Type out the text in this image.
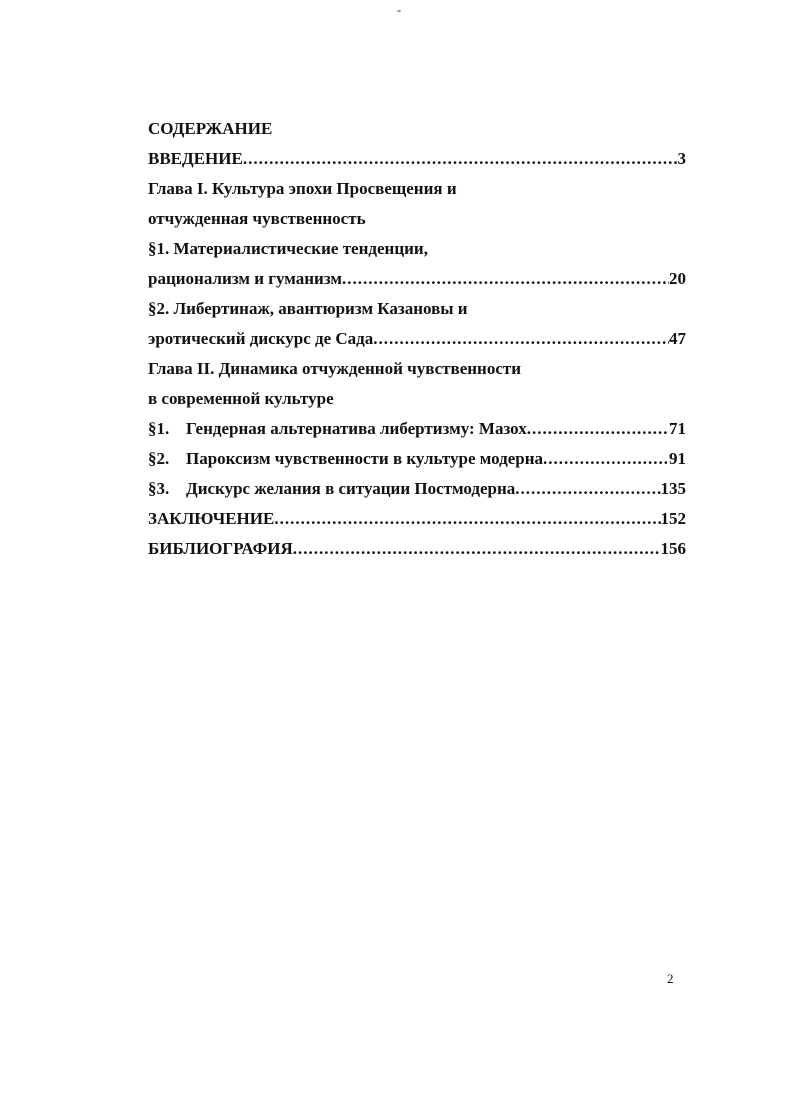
-
СОДЕРЖАНИЕ
ВВЕДЕНИЕ .....	3
Глава I. Культура эпохи Просвещения и
отчужденная чувственность
§1. Материалистические тенденции,
рационализм и гуманизм .....	20
§2. Либертинаж, авантюризм Казановы и
эротический дискурс де Сада .....	47
Глава II. Динамика отчужденной чувственности
в современной культуре
§1. Гендерная альтернатива либертизму: Мазох .....	71
§2. Пароксизм чувственности в культуре модерна .....	91
§3. Дискурс желания в ситуации Постмодерна .....	135
ЗАКЛЮЧЕНИЕ .....	152
БИБЛИОГРАФИЯ .....	156
2
